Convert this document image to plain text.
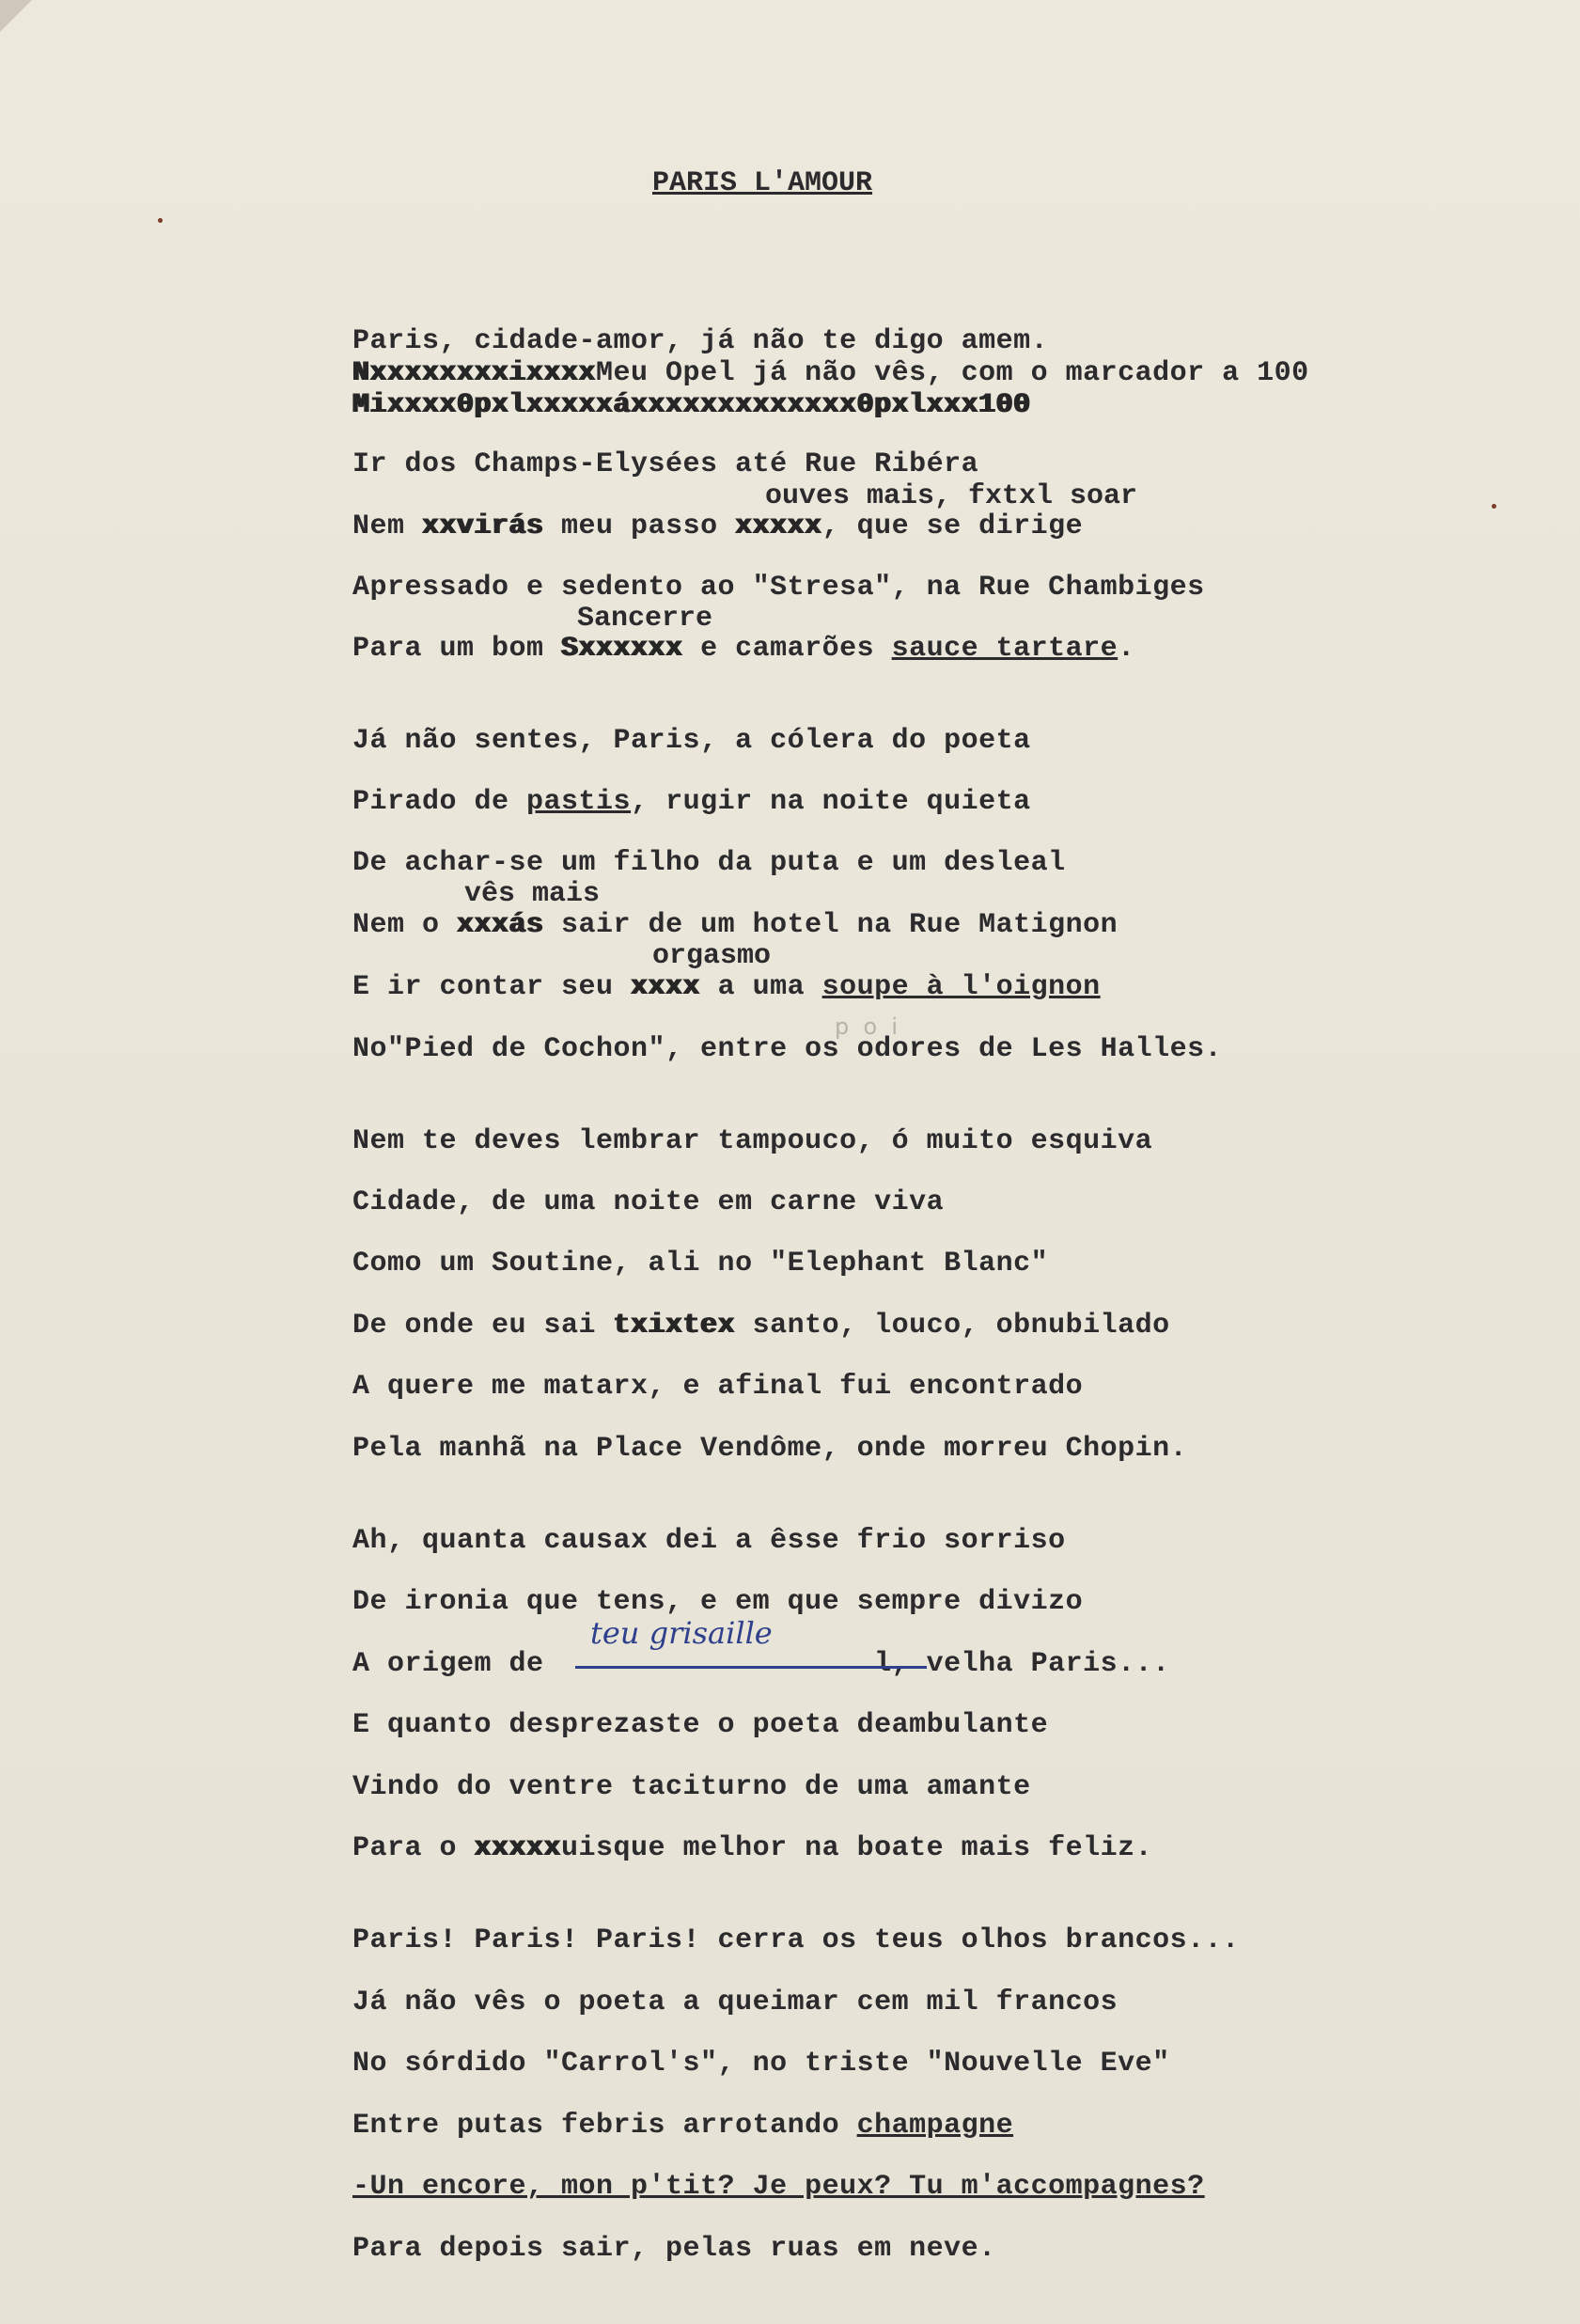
PARIS L'AMOUR
Paris, cidade-amor, já não te digo amem.
NxxxxxxxxixxxxMeu Opel já não vês, com o marcador a 100
Mixxxx0pxlxxxxxáxxxxxxxxxxxxx0pxlxxx100
Ir dos Champs-Elysées até Rue Ribéra
ouves mais, fxtxl soar
Nem xxvirás meu passo xxxxx, que se dirige
Apressado e sedento ao "Stresa", na Rue Chambiges
Sancerre
Para um bom Sxxxxxx e camarões sauce tartare.
Já não sentes, Paris, a cólera do poeta
Pirado de pastis, rugir na noite quieta
De achar-se um filho da puta e um desleal
vês mais
Nem o xxxás sair de um hotel na Rue Matignon
orgasmo
E ir contar seu xxxx a uma soupe à l'oignon
p  o  i
No"Pied de Cochon", entre os odores de Les Halles.
Nem te deves lembrar tampouco, ó muito esquiva
Cidade, de uma noite em carne viva
Como um Soutine, ali no "Elephant Blanc"
De onde eu sai txixtex santo, louco, obnubilado
A quere me matarx, e afinal fui encontrado
Pela manhã na Place Vendôme, onde morreu Chopin.
Ah, quanta causax dei a êsse frio sorriso
De ironia que tens, e em que sempre divizo
teu grisaille
A origem de	l, velha Paris...
E quanto desprezaste o poeta deambulante
Vindo do ventre taciturno de uma amante
Para o xxxxxuisque melhor na boate mais feliz.
Paris! Paris! Paris! cerra os teus olhos brancos...
Já não vês o poeta a queimar cem mil francos
No sórdido "Carrol's", no triste "Nouvelle Eve"
Entre putas febris arrotando champagne
-Un encore, mon p'tit? Je peux? Tu m'accompagnes?
Para depois sair, pelas ruas em neve.
